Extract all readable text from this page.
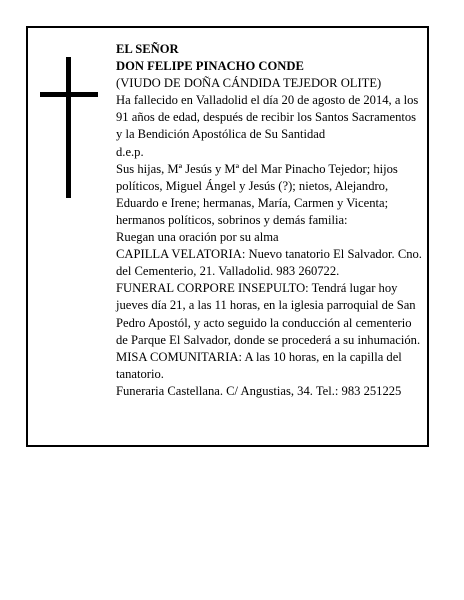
EL SEÑOR

DON FELIPE PINACHO CONDE

(VIUDO DE DOÑA CÁNDIDA TEJEDOR OLITE)

Ha fallecido en Valladolid el día 20 de agosto de 2014, a los 91 años de edad, después de recibir los Santos Sacramentos y la Bendición Apostólica de Su Santidad

d.e.p.

Sus hijas, Mª Jesús y Mª del Mar Pinacho Tejedor; hijos políticos, Miguel Ángel y Jesús (?); nietos, Alejandro, Eduardo e Irene; hermanas, María, Carmen y Vicenta; hermanos políticos, sobrinos y demás familia:

Ruegan una oración por su alma

CAPILLA VELATORIA: Nuevo tanatorio El Salvador. Cno. del Cementerio, 21. Valladolid. 983 260722.

FUNERAL CORPORE INSEPULTO: Tendrá lugar hoy jueves día 21, a las 11 horas, en la iglesia parroquial de San Pedro Apostól, y acto seguido la conducción al cementerio de Parque El Salvador, donde se procederá a su inhumación.

MISA COMUNITARIA: A las 10 horas, en la capilla del tanatorio.

Funeraria Castellana. C/ Angustias, 34. Tel.: 983 251225
